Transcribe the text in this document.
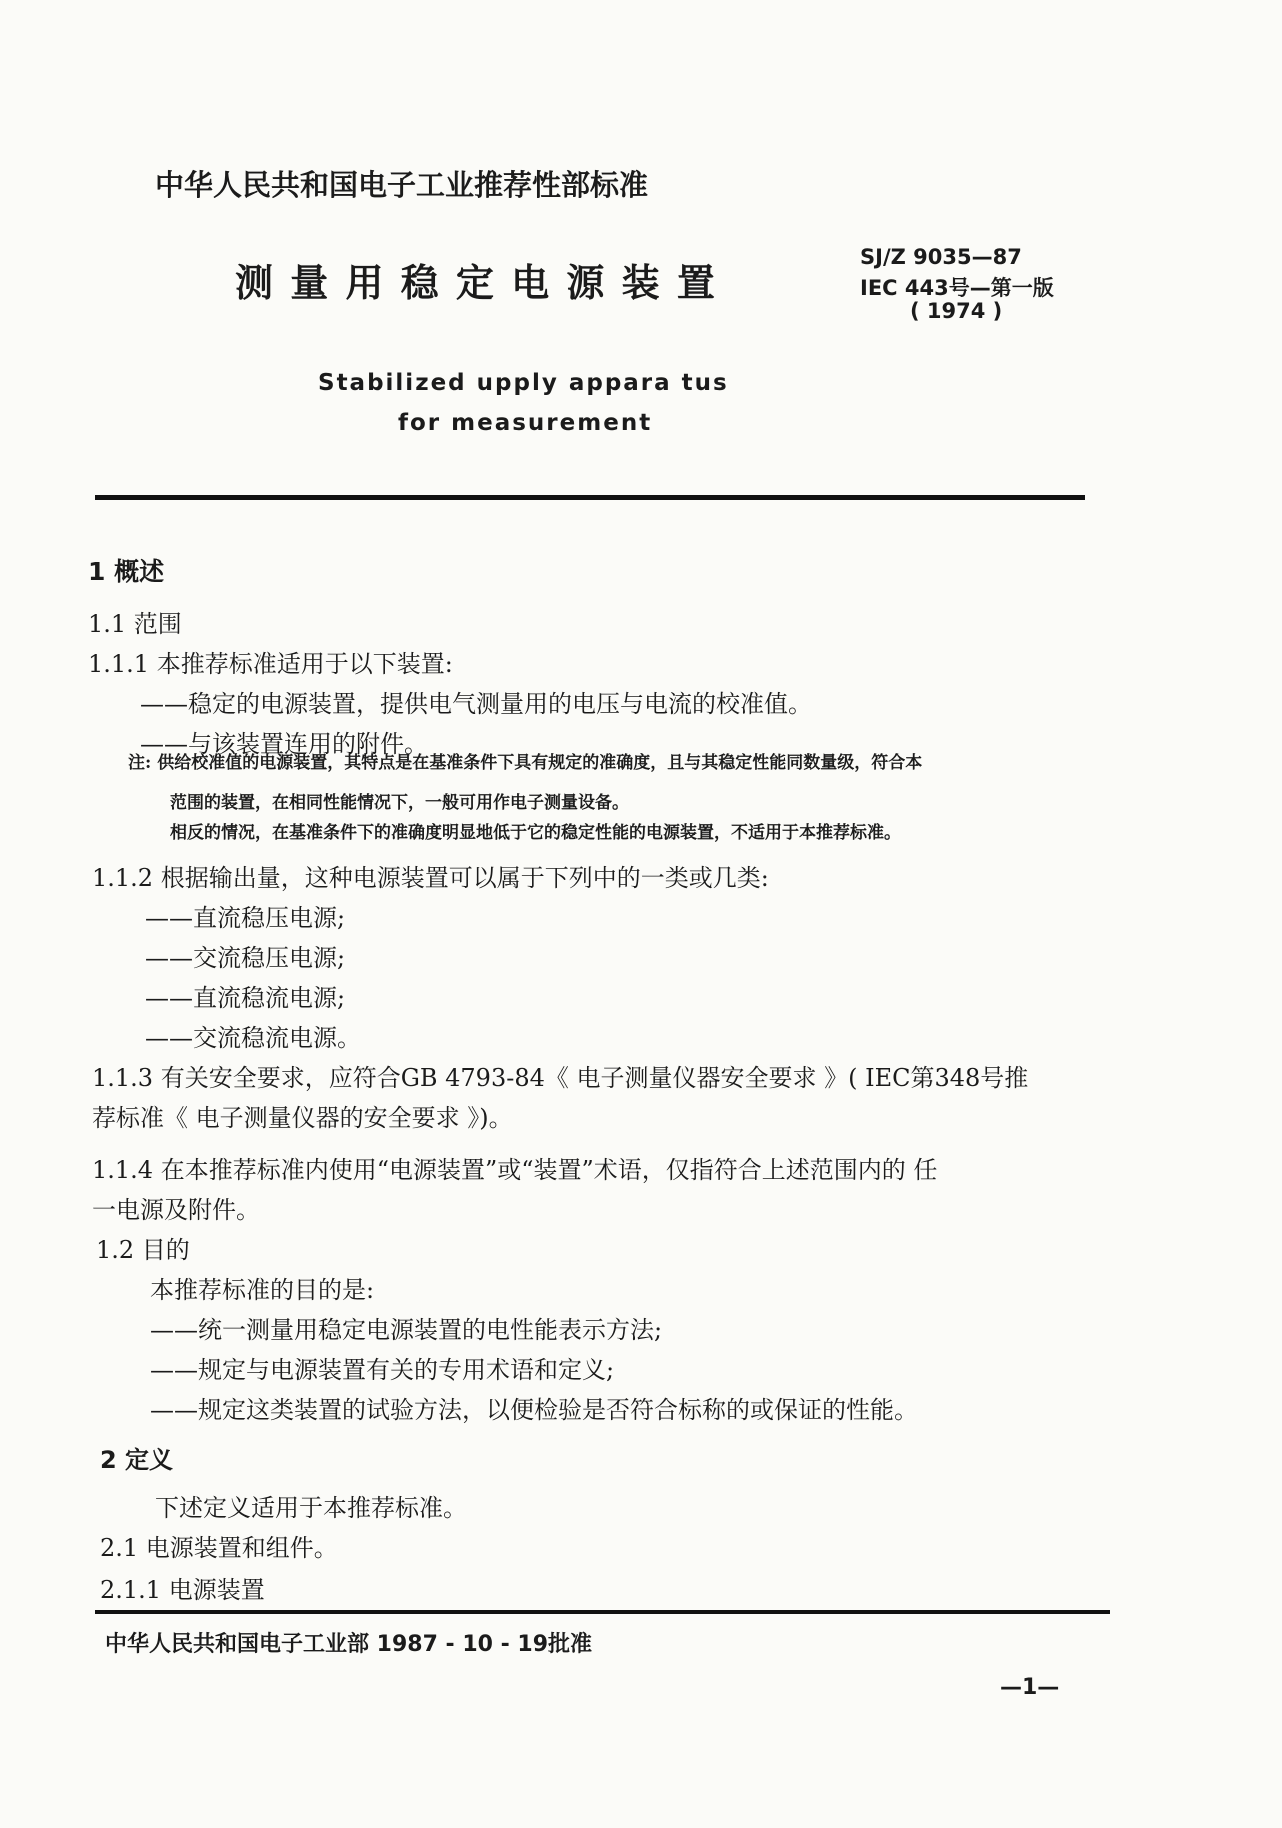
中华人民共和国电子工业推荐性部标准
测 量 用 稳 定 电 源 装 置
SJ/Z 9035—87
IEC 443号—第一版
( 1974 )
Stabilized upply appara tus
for measurement
1 概述
1.1 范围
1.1.1 本推荐标准适用于以下装置:
——稳定的电源装置，提供电气测量用的电压与电流的校准值。
——与该装置连用的附件。
注: 供给校准值的电源装置，其特点是在基准条件下具有规定的准确度，且与其稳定性能同数量级，符合本
范围的装置，在相同性能情况下，一般可用作电子测量设备。
相反的情况，在基准条件下的准确度明显地低于它的稳定性能的电源装置，不适用于本推荐标准。
1.1.2 根据输出量，这种电源装置可以属于下列中的一类或几类:
——直流稳压电源;
——交流稳压电源;
——直流稳流电源;
——交流稳流电源。
1.1.3 有关安全要求，应符合GB 4793-84《 电子测量仪器安全要求 》( IEC第348号推
荐标准《 电子测量仪器的安全要求 》)。
1.1.4 在本推荐标准内使用“电源装置”或“装置”术语，仅指符合上述范围内的 任
一电源及附件。
1.2 目的
本推荐标准的目的是:
——统一测量用稳定电源装置的电性能表示方法;
——规定与电源装置有关的专用术语和定义;
——规定这类装置的试验方法，以便检验是否符合标称的或保证的性能。
2 定义
下述定义适用于本推荐标准。
2.1 电源装置和组件。
2.1.1 电源装置
中华人民共和国电子工业部 1987 - 10 - 19批准
—1—
